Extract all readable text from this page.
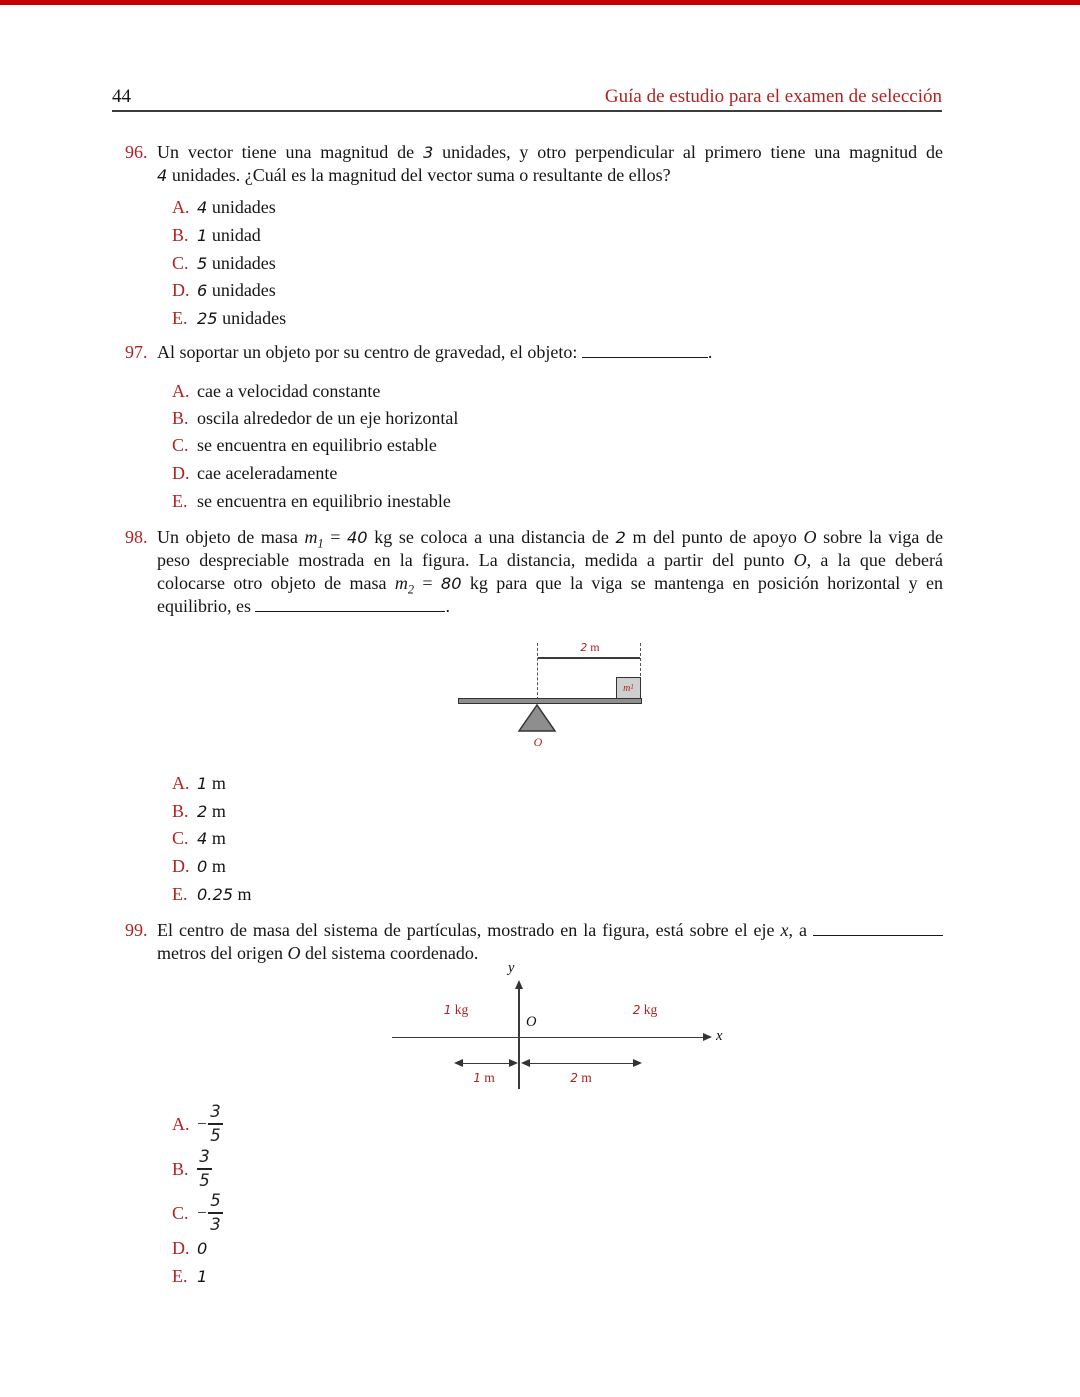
44	Guía de estudio para el examen de selección
96. Un vector tiene una magnitud de 3 unidades, y otro perpendicular al primero tiene una magnitud de
4 unidades. ¿Cuál es la magnitud del vector suma o resultante de ellos?
A. 4 unidades
B. 1 unidad
C. 5 unidades
D. 6 unidades
E. 25 unidades
97. Al soportar un objeto por su centro de gravedad, el objeto:	.
A. cae a velocidad constante
B. oscila alrededor de un eje horizontal
C. se encuentra en equilibrio estable
D. cae aceleradamente
E. se encuentra en equilibrio inestable
98. Un objeto de masa $m_1 = 40$ kg se coloca a una distancia de 2 m del punto de apoyo O sobre la viga de
peso despreciable mostrada en la figura. La distancia, medida a partir del punto O, a la que deberá
colocarse otro objeto de masa $m_2 = 80$ kg para que la viga se mantenga en posición horizontal y en
equilibrio, es	.
2 m
m 1
O
A. 1 m
B. 2 m
C. 4 m
D. 0 m
E. 0.25 m
99. El centro de masa del sistema de partículas, mostrado en la figura, está sobre el eje x, a
metros del origen O del sistema coordenado.
y
x
O
1 kg	2 kg
1 m	2 m
A. − $\frac{3}{5}$
B. $\frac{3}{5}$
C. − $\frac{5}{3}$
D. 0
E. 1
